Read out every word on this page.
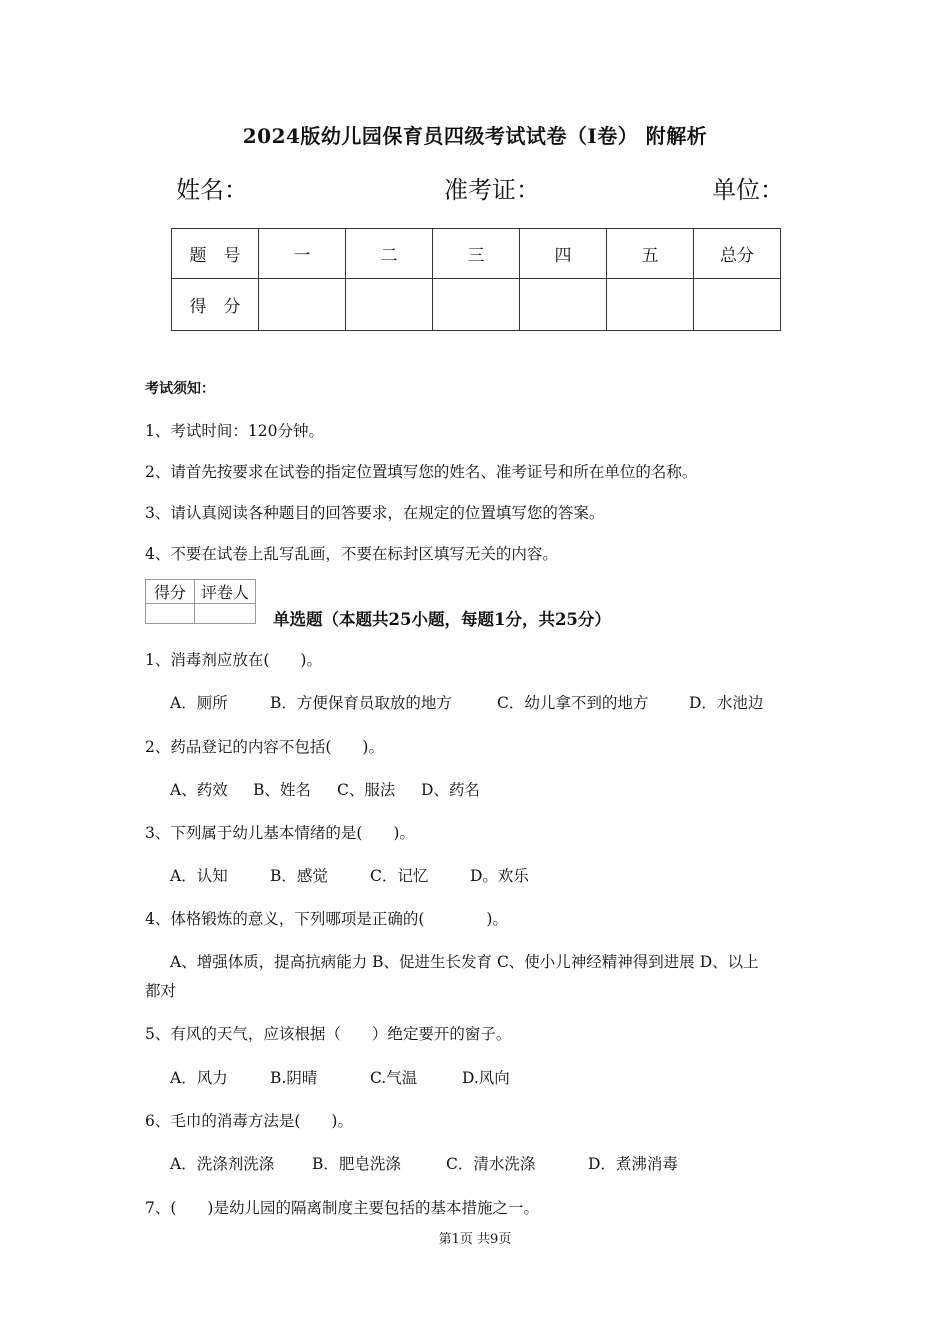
2024版幼儿园保育员四级考试试卷（I卷） 附解析
姓名：	准考证：	单位：
题　号	一	二	三	四	五	总分
得　分						
考试须知：
1、考试时间：120分钟。
2、请首先按要求在试卷的指定位置填写您的姓名、准考证号和所在单位的名称。
3、请认真阅读各种题目的回答要求，在规定的位置填写您的答案。
4、不要在试卷上乱写乱画，不要在标封区填写无关的内容。
得分	评卷人

单选题（本题共25小题，每题1分，共25分）
1、消毒剂应放在(　　)。
A．厕所	B．方便保育员取放的地方	C．幼儿拿不到的地方	D．水池边
2、药品登记的内容不包括(　　)。
A、药效 B、姓名 C、服法 D、药名
3、下列属于幼儿基本情绪的是(　　)。
A．认知	B．感觉	C．记忆	D。欢乐
4、体格锻炼的意义，下列哪项是正确的(　　　　)。
A、增强体质，提高抗病能力 B、促进生长发育 C、使小儿神经精神得到进展 D、以上
都对
5、有风的天气，应该根据（　　）绝定要开的窗子。
A．风力	B.阴晴	C.气温	D.风向
6、毛巾的消毒方法是(　　)。
A．洗涤剂洗涤 B．肥皂洗涤	C．清水洗涤	D．煮沸消毒
7、(　　)是幼儿园的隔离制度主要包括的基本措施之一。
第1页 共9页
